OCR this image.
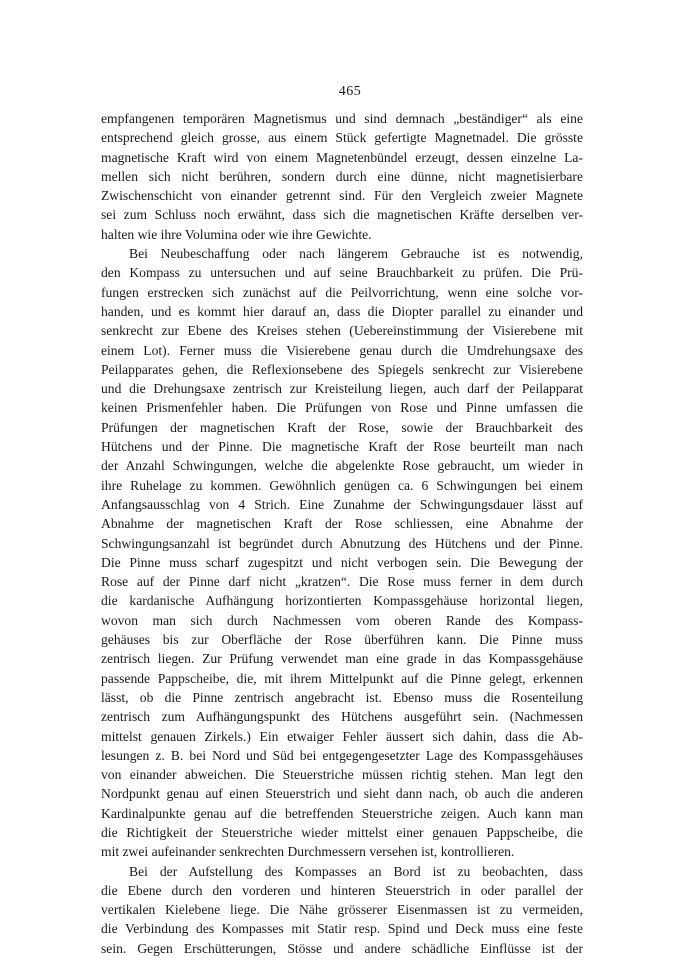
465
empfangenen temporären Magnetismus und sind demnach „beständiger“ als eine
entsprechend gleich grosse, aus einem Stück gefertigte Magnetnadel. Die grösste
magnetische Kraft wird von einem Magnetenbündel erzeugt, dessen einzelne La-
mellen sich nicht berühren, sondern durch eine dünne, nicht magnetisierbare
Zwischenschicht von einander getrennt sind. Für den Vergleich zweier Magnete
sei zum Schluss noch erwähnt, dass sich die magnetischen Kräfte derselben ver-
halten wie ihre Volumina oder wie ihre Gewichte.
Bei Neubeschaffung oder nach längerem Gebrauche ist es notwendig,
den Kompass zu untersuchen und auf seine Brauchbarkeit zu prüfen. Die Prü-
fungen erstrecken sich zunächst auf die Peilvorrichtung, wenn eine solche vor-
handen, und es kommt hier darauf an, dass die Diopter parallel zu einander und
senkrecht zur Ebene des Kreises stehen (Uebereinstimmung der Visierebene mit
einem Lot). Ferner muss die Visierebene genau durch die Umdrehungsaxe des
Peilapparates gehen, die Reflexionsebene des Spiegels senkrecht zur Visierebene
und die Drehungsaxe zentrisch zur Kreisteilung liegen, auch darf der Peilapparat
keinen Prismenfehler haben. Die Prüfungen von Rose und Pinne umfassen die
Prüfungen der magnetischen Kraft der Rose, sowie der Brauchbarkeit des
Hütchens und der Pinne. Die magnetische Kraft der Rose beurteilt man nach
der Anzahl Schwingungen, welche die abgelenkte Rose gebraucht, um wieder in
ihre Ruhelage zu kommen. Gewöhnlich genügen ca. 6 Schwingungen bei einem
Anfangsausschlag von 4 Strich. Eine Zunahme der Schwingungsdauer lässt auf
Abnahme der magnetischen Kraft der Rose schliessen, eine Abnahme der
Schwingungsanzahl ist begründet durch Abnutzung des Hütchens und der Pinne.
Die Pinne muss scharf zugespitzt und nicht verbogen sein. Die Bewegung der
Rose auf der Pinne darf nicht „kratzen“. Die Rose muss ferner in dem durch
die kardanische Aufhängung horizontierten Kompassgehäuse horizontal liegen,
wovon man sich durch Nachmessen vom oberen Rande des Kompass-
gehäuses bis zur Oberfläche der Rose überführen kann. Die Pinne muss
zentrisch liegen. Zur Prüfung verwendet man eine grade in das Kompassgehäuse
passende Pappscheibe, die, mit ihrem Mittelpunkt auf die Pinne gelegt, erkennen
lässt, ob die Pinne zentrisch angebracht ist. Ebenso muss die Rosenteilung
zentrisch zum Aufhängungspunkt des Hütchens ausgeführt sein. (Nachmessen
mittelst genauen Zirkels.) Ein etwaiger Fehler äussert sich dahin, dass die Ab-
lesungen z. B. bei Nord und Süd bei entgegengesetzter Lage des Kompassgehäuses
von einander abweichen. Die Steuerstriche müssen richtig stehen. Man legt den
Nordpunkt genau auf einen Steuerstrich und sieht dann nach, ob auch die anderen
Kardinalpunkte genau auf die betreffenden Steuerstriche zeigen. Auch kann man
die Richtigkeit der Steuerstriche wieder mittelst einer genauen Pappscheibe, die
mit zwei aufeinander senkrechten Durchmessern versehen ist, kontrollieren.
Bei der Aufstellung des Kompasses an Bord ist zu beobachten, dass
die Ebene durch den vorderen und hinteren Steuerstrich in oder parallel der
vertikalen Kielebene liege. Die Nähe grösserer Eisenmassen ist zu vermeiden,
die Verbindung des Kompasses mit Statir resp. Spind und Deck muss eine feste
sein. Gegen Erschütterungen, Stösse und andere schädliche Einflüsse ist der
